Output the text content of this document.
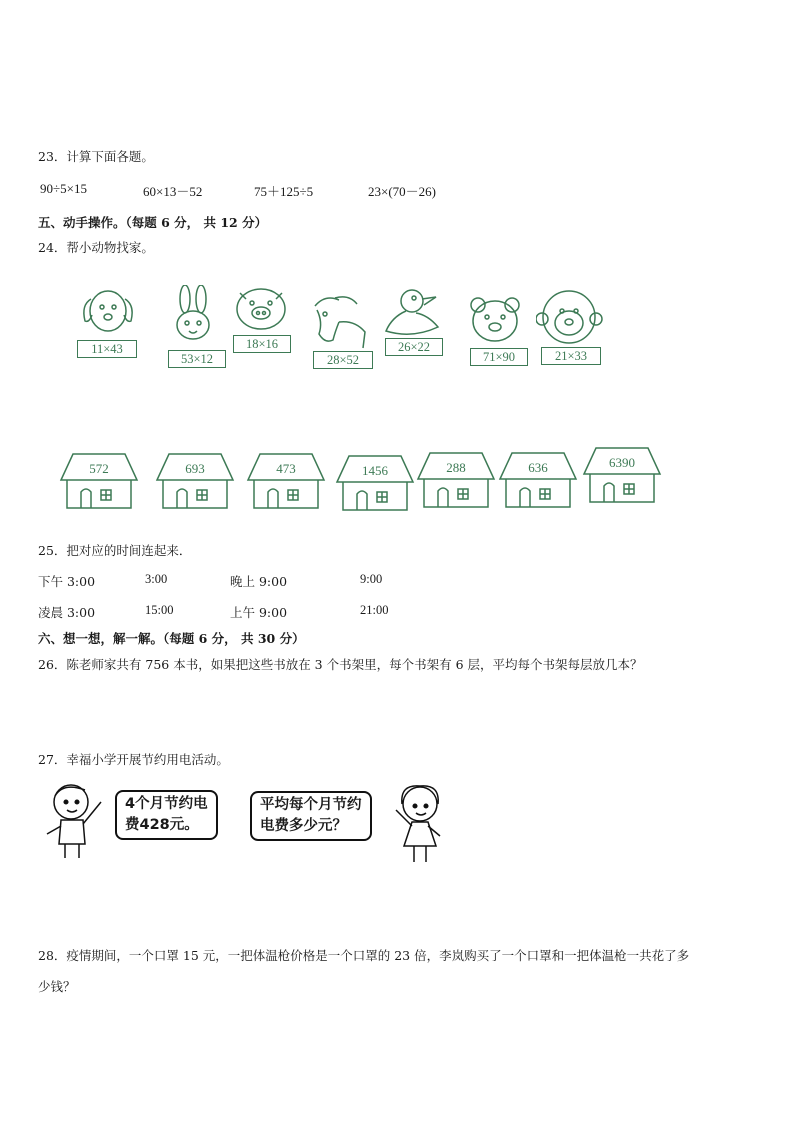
23．计算下面各题。
90÷5×15	60×13－52	75＋125÷5	23×(70－26)
五、动手操作。（每题 6 分， 共 12 分）
24．帮小动物找家。
11×43
53×12
18×16
28×52
26×22
71×90	21×33
572	693	473	1456	288	636	6390
25．把对应的时间连起来．
下午 3:00	3:00	晚上 9:00	9:00
凌晨 3:00	15:00	上午 9:00	21:00
六、想一想，解一解。（每题 6 分， 共 30 分）
26．陈老师家共有 756 本书，如果把这些书放在 3 个书架里，每个书架有 6 层，平均每个书架每层放几本？
27．幸福小学开展节约用电活动。
4个月节约电
费428元。
平均每个月节约
电费多少元？
28．疫情期间，一个口罩 15 元，一把体温枪价格是一个口罩的 23 倍，李岚购买了一个口罩和一把体温枪一共花了多
少钱？
